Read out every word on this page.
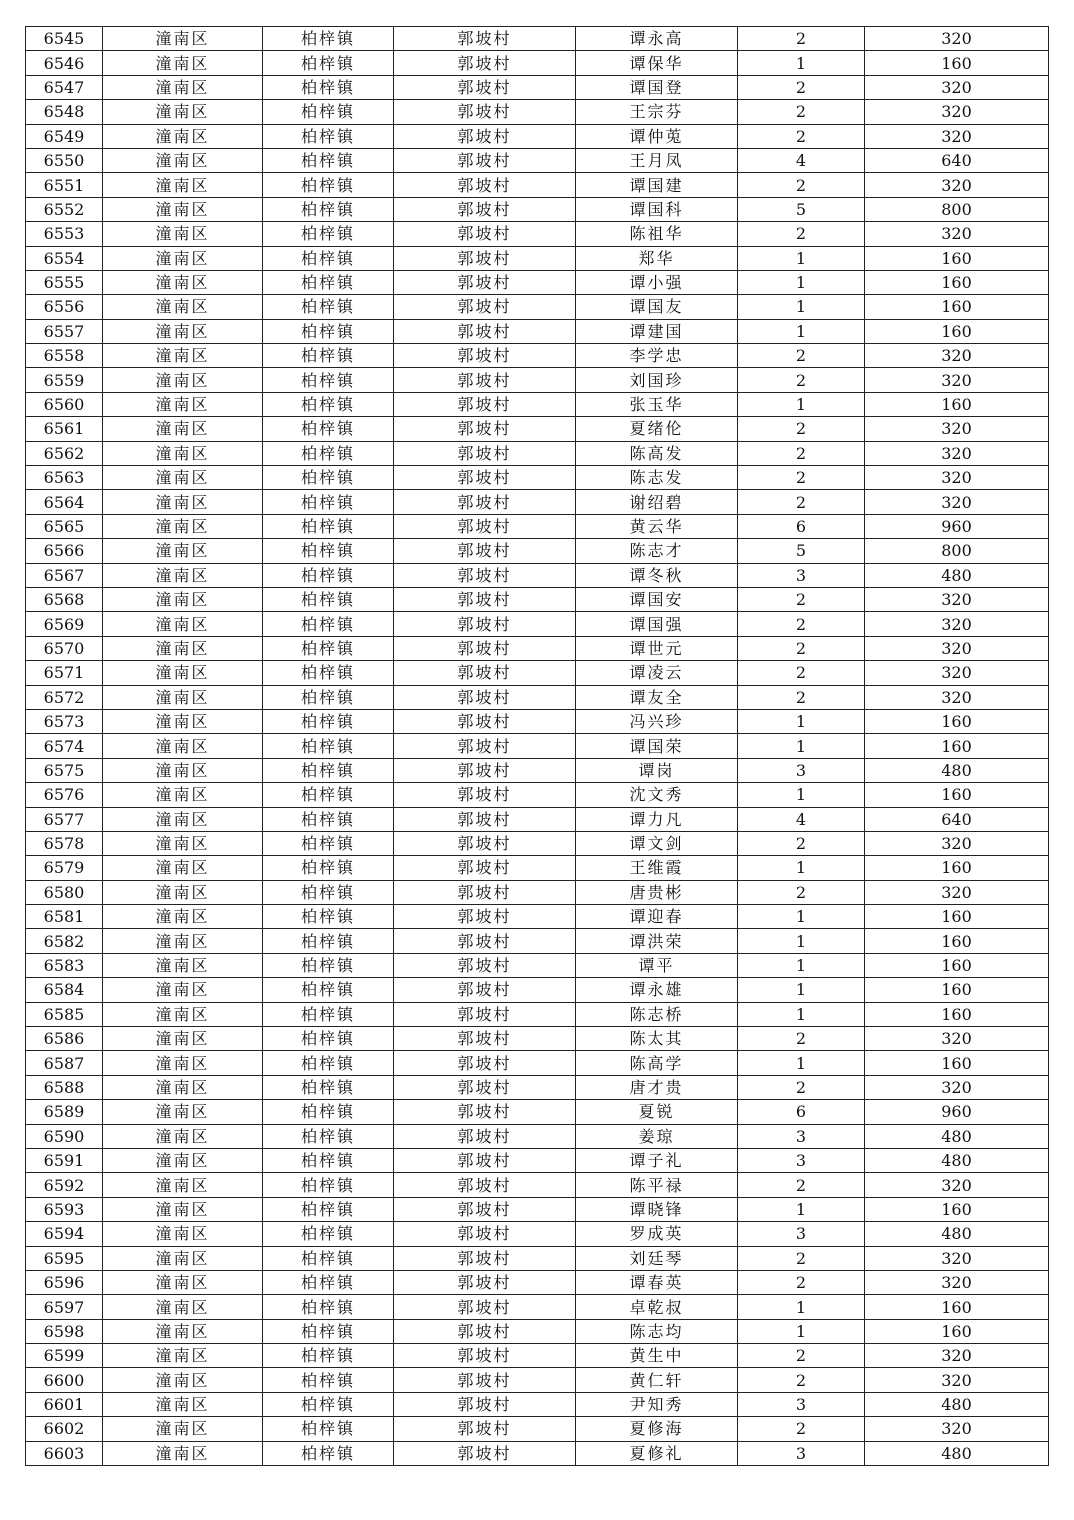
6545	潼南区	柏梓镇	郭坡村	谭永高	2	320
6546	潼南区	柏梓镇	郭坡村	谭保华	1	160
6547	潼南区	柏梓镇	郭坡村	谭国登	2	320
6548	潼南区	柏梓镇	郭坡村	王宗芬	2	320
6549	潼南区	柏梓镇	郭坡村	谭仲莵	2	320
6550	潼南区	柏梓镇	郭坡村	王月凤	4	640
6551	潼南区	柏梓镇	郭坡村	谭国建	2	320
6552	潼南区	柏梓镇	郭坡村	谭国科	5	800
6553	潼南区	柏梓镇	郭坡村	陈祖华	2	320
6554	潼南区	柏梓镇	郭坡村	郑华	1	160
6555	潼南区	柏梓镇	郭坡村	谭小强	1	160
6556	潼南区	柏梓镇	郭坡村	谭国友	1	160
6557	潼南区	柏梓镇	郭坡村	谭建国	1	160
6558	潼南区	柏梓镇	郭坡村	李学忠	2	320
6559	潼南区	柏梓镇	郭坡村	刘国珍	2	320
6560	潼南区	柏梓镇	郭坡村	张玉华	1	160
6561	潼南区	柏梓镇	郭坡村	夏绪伦	2	320
6562	潼南区	柏梓镇	郭坡村	陈高发	2	320
6563	潼南区	柏梓镇	郭坡村	陈志发	2	320
6564	潼南区	柏梓镇	郭坡村	谢绍碧	2	320
6565	潼南区	柏梓镇	郭坡村	黄云华	6	960
6566	潼南区	柏梓镇	郭坡村	陈志才	5	800
6567	潼南区	柏梓镇	郭坡村	谭冬秋	3	480
6568	潼南区	柏梓镇	郭坡村	谭国安	2	320
6569	潼南区	柏梓镇	郭坡村	谭国强	2	320
6570	潼南区	柏梓镇	郭坡村	谭世元	2	320
6571	潼南区	柏梓镇	郭坡村	谭凌云	2	320
6572	潼南区	柏梓镇	郭坡村	谭友全	2	320
6573	潼南区	柏梓镇	郭坡村	冯兴珍	1	160
6574	潼南区	柏梓镇	郭坡村	谭国荣	1	160
6575	潼南区	柏梓镇	郭坡村	谭岗	3	480
6576	潼南区	柏梓镇	郭坡村	沈文秀	1	160
6577	潼南区	柏梓镇	郭坡村	谭力凡	4	640
6578	潼南区	柏梓镇	郭坡村	谭文剑	2	320
6579	潼南区	柏梓镇	郭坡村	王维霞	1	160
6580	潼南区	柏梓镇	郭坡村	唐贵彬	2	320
6581	潼南区	柏梓镇	郭坡村	谭迎春	1	160
6582	潼南区	柏梓镇	郭坡村	谭洪荣	1	160
6583	潼南区	柏梓镇	郭坡村	谭平	1	160
6584	潼南区	柏梓镇	郭坡村	谭永雄	1	160
6585	潼南区	柏梓镇	郭坡村	陈志桥	1	160
6586	潼南区	柏梓镇	郭坡村	陈太其	2	320
6587	潼南区	柏梓镇	郭坡村	陈高学	1	160
6588	潼南区	柏梓镇	郭坡村	唐才贵	2	320
6589	潼南区	柏梓镇	郭坡村	夏锐	6	960
6590	潼南区	柏梓镇	郭坡村	姜琼	3	480
6591	潼南区	柏梓镇	郭坡村	谭子礼	3	480
6592	潼南区	柏梓镇	郭坡村	陈平禄	2	320
6593	潼南区	柏梓镇	郭坡村	谭晓锋	1	160
6594	潼南区	柏梓镇	郭坡村	罗成英	3	480
6595	潼南区	柏梓镇	郭坡村	刘廷琴	2	320
6596	潼南区	柏梓镇	郭坡村	谭春英	2	320
6597	潼南区	柏梓镇	郭坡村	卓乾叔	1	160
6598	潼南区	柏梓镇	郭坡村	陈志均	1	160
6599	潼南区	柏梓镇	郭坡村	黄生中	2	320
6600	潼南区	柏梓镇	郭坡村	黄仁轩	2	320
6601	潼南区	柏梓镇	郭坡村	尹知秀	3	480
6602	潼南区	柏梓镇	郭坡村	夏修海	2	320
6603	潼南区	柏梓镇	郭坡村	夏修礼	3	480
